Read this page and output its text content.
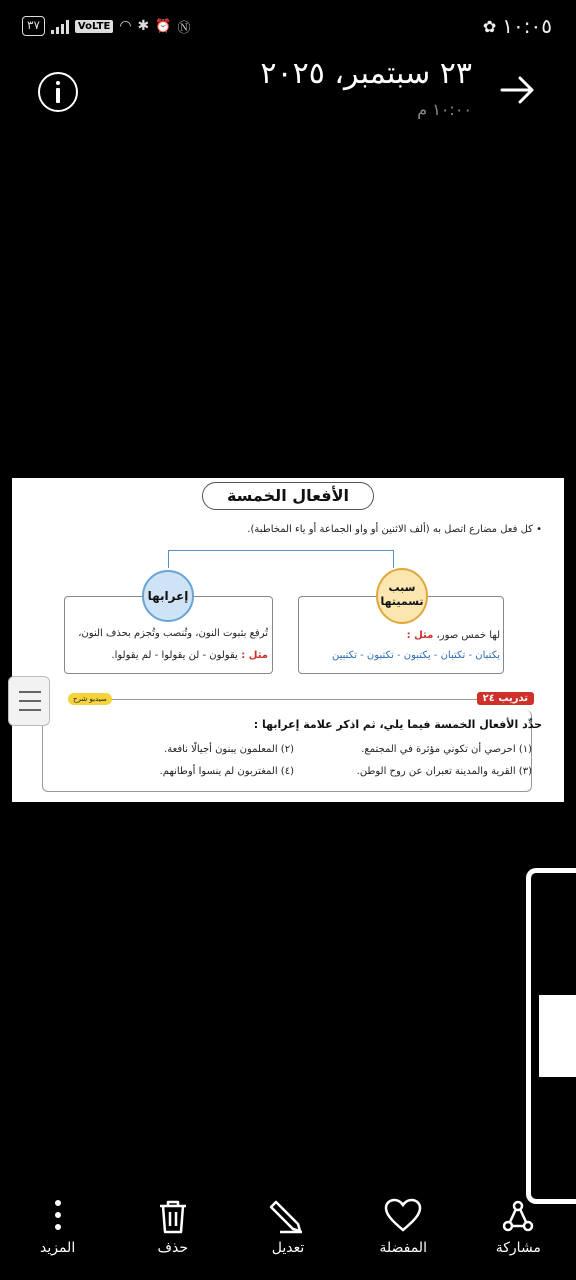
٣٧	VoLTE ◠ ✱ ⏰ Ⓝ	✿ ١٠:٠٥
٢٣ سبتمبر، ٢٠٢٥
١٠:٠٠ م
الأفعال الخمسة
• كل فعل مضارع اتصل به (ألف الاثنين أو واو الجماعة أو ياء المخاطبة).
سبب
تسميتها
لها خمس صور، مثل :
يكتبان - تكتبان - يكتبون - تكتبون - تكتبين
إعرابها
تُرفع بثبوت النون، وتُنصب وتُجزم بحذف النون،
مثل : يقولون - لن يقولوا - لم يقولوا.
سيديو شرح	تدريب ٢٤
حدِّد الأفعال الخمسة فيما يلي، ثم اذكر علامة إعرابها :
(١) احرصي أن تكوني مؤثرة في المجتمع.
(٢) المعلمون يبنون أجيالًا نافعة.
(٣) القرية والمدينة تعبران عن روح الوطن.
(٤) المغتربون لم ينسوا أوطانهم.
مشاركة
المفضلة
تعديل
حذف
المزيد
